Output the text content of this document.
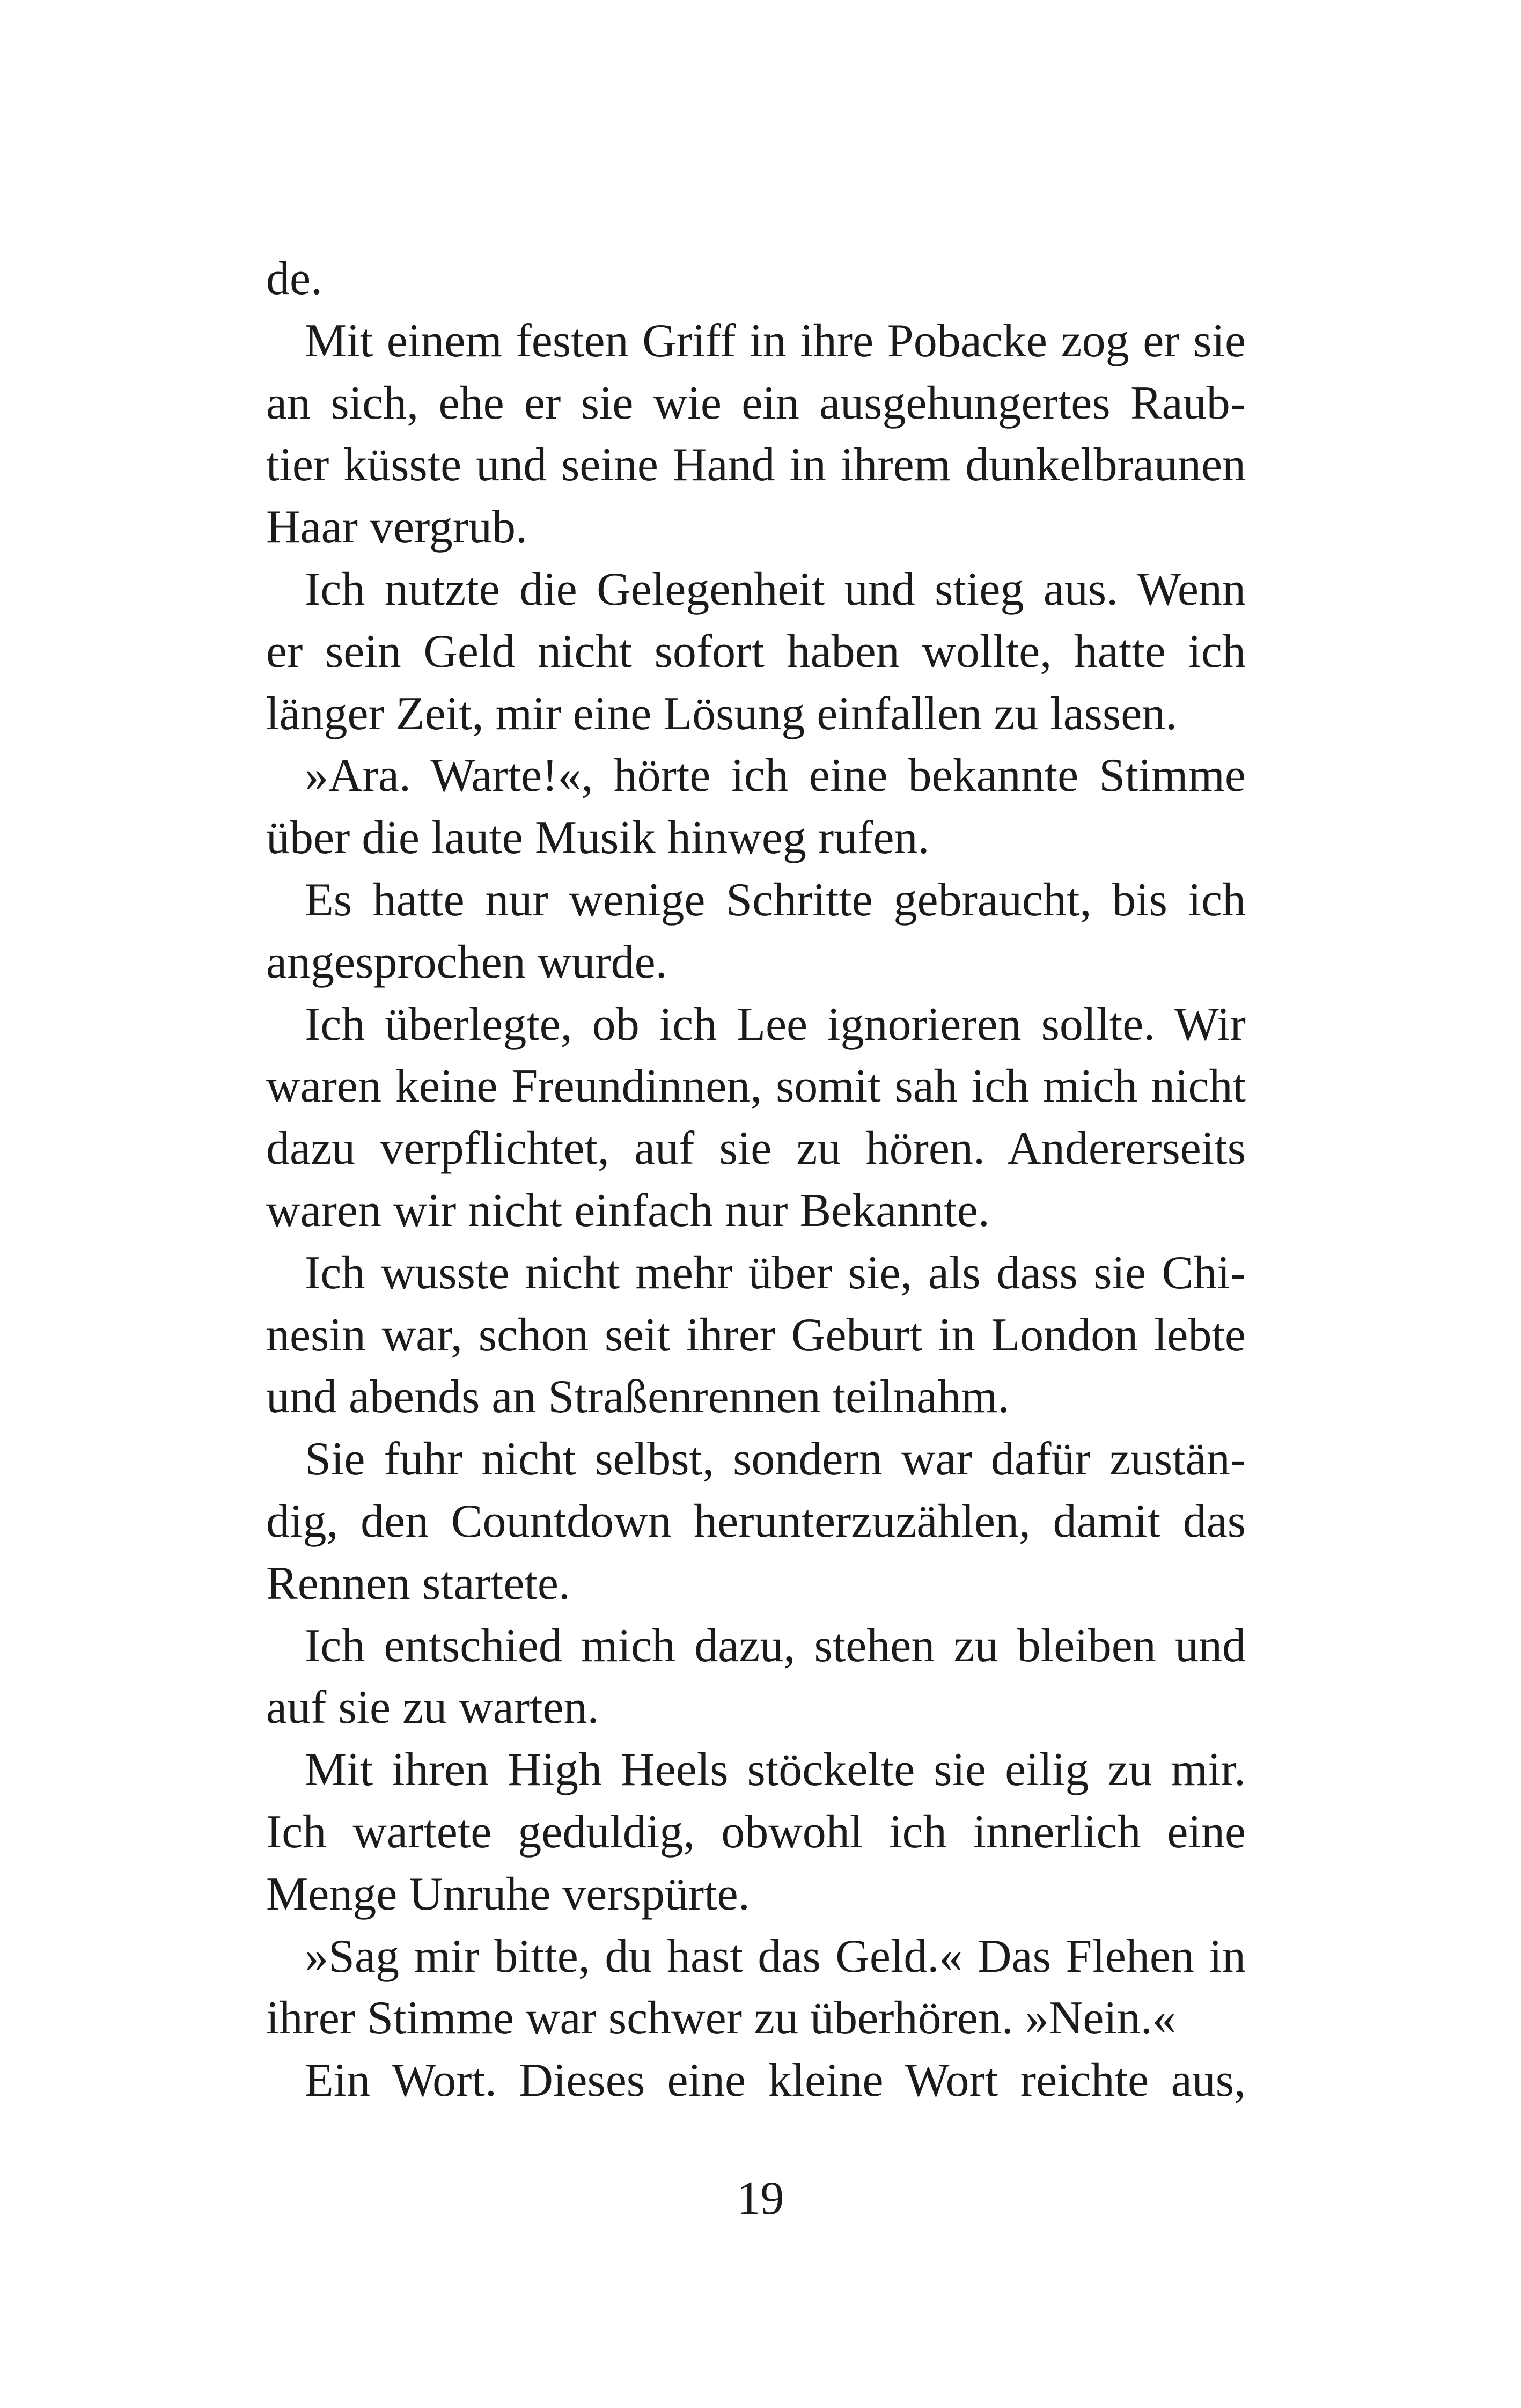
de.
Mit einem festen Griff in ihre Pobacke zog er sie
an sich, ehe er sie wie ein ausgehungertes Raub-
tier küsste und seine Hand in ihrem dunkelbraunen
Haar vergrub.
Ich nutzte die Gelegenheit und stieg aus. Wenn
er sein Geld nicht sofort haben wollte, hatte ich
länger Zeit, mir eine Lösung einfallen zu lassen.
»Ara. Warte!«, hörte ich eine bekannte Stimme
über die laute Musik hinweg rufen.
Es hatte nur wenige Schritte gebraucht, bis ich
angesprochen wurde.
Ich überlegte, ob ich Lee ignorieren sollte. Wir
waren keine Freundinnen, somit sah ich mich nicht
dazu verpflichtet, auf sie zu hören. Andererseits
waren wir nicht einfach nur Bekannte.
Ich wusste nicht mehr über sie, als dass sie Chi-
nesin war, schon seit ihrer Geburt in London lebte
und abends an Straßenrennen teilnahm.
Sie fuhr nicht selbst, sondern war dafür zustän-
dig, den Countdown herunterzuzählen, damit das
Rennen startete.
Ich entschied mich dazu, stehen zu bleiben und
auf sie zu warten.
Mit ihren High Heels stöckelte sie eilig zu mir.
Ich wartete geduldig, obwohl ich innerlich eine
Menge Unruhe verspürte.
»Sag mir bitte, du hast das Geld.« Das Flehen in
ihrer Stimme war schwer zu überhören. »Nein.«
Ein Wort. Dieses eine kleine Wort reichte aus,
19
